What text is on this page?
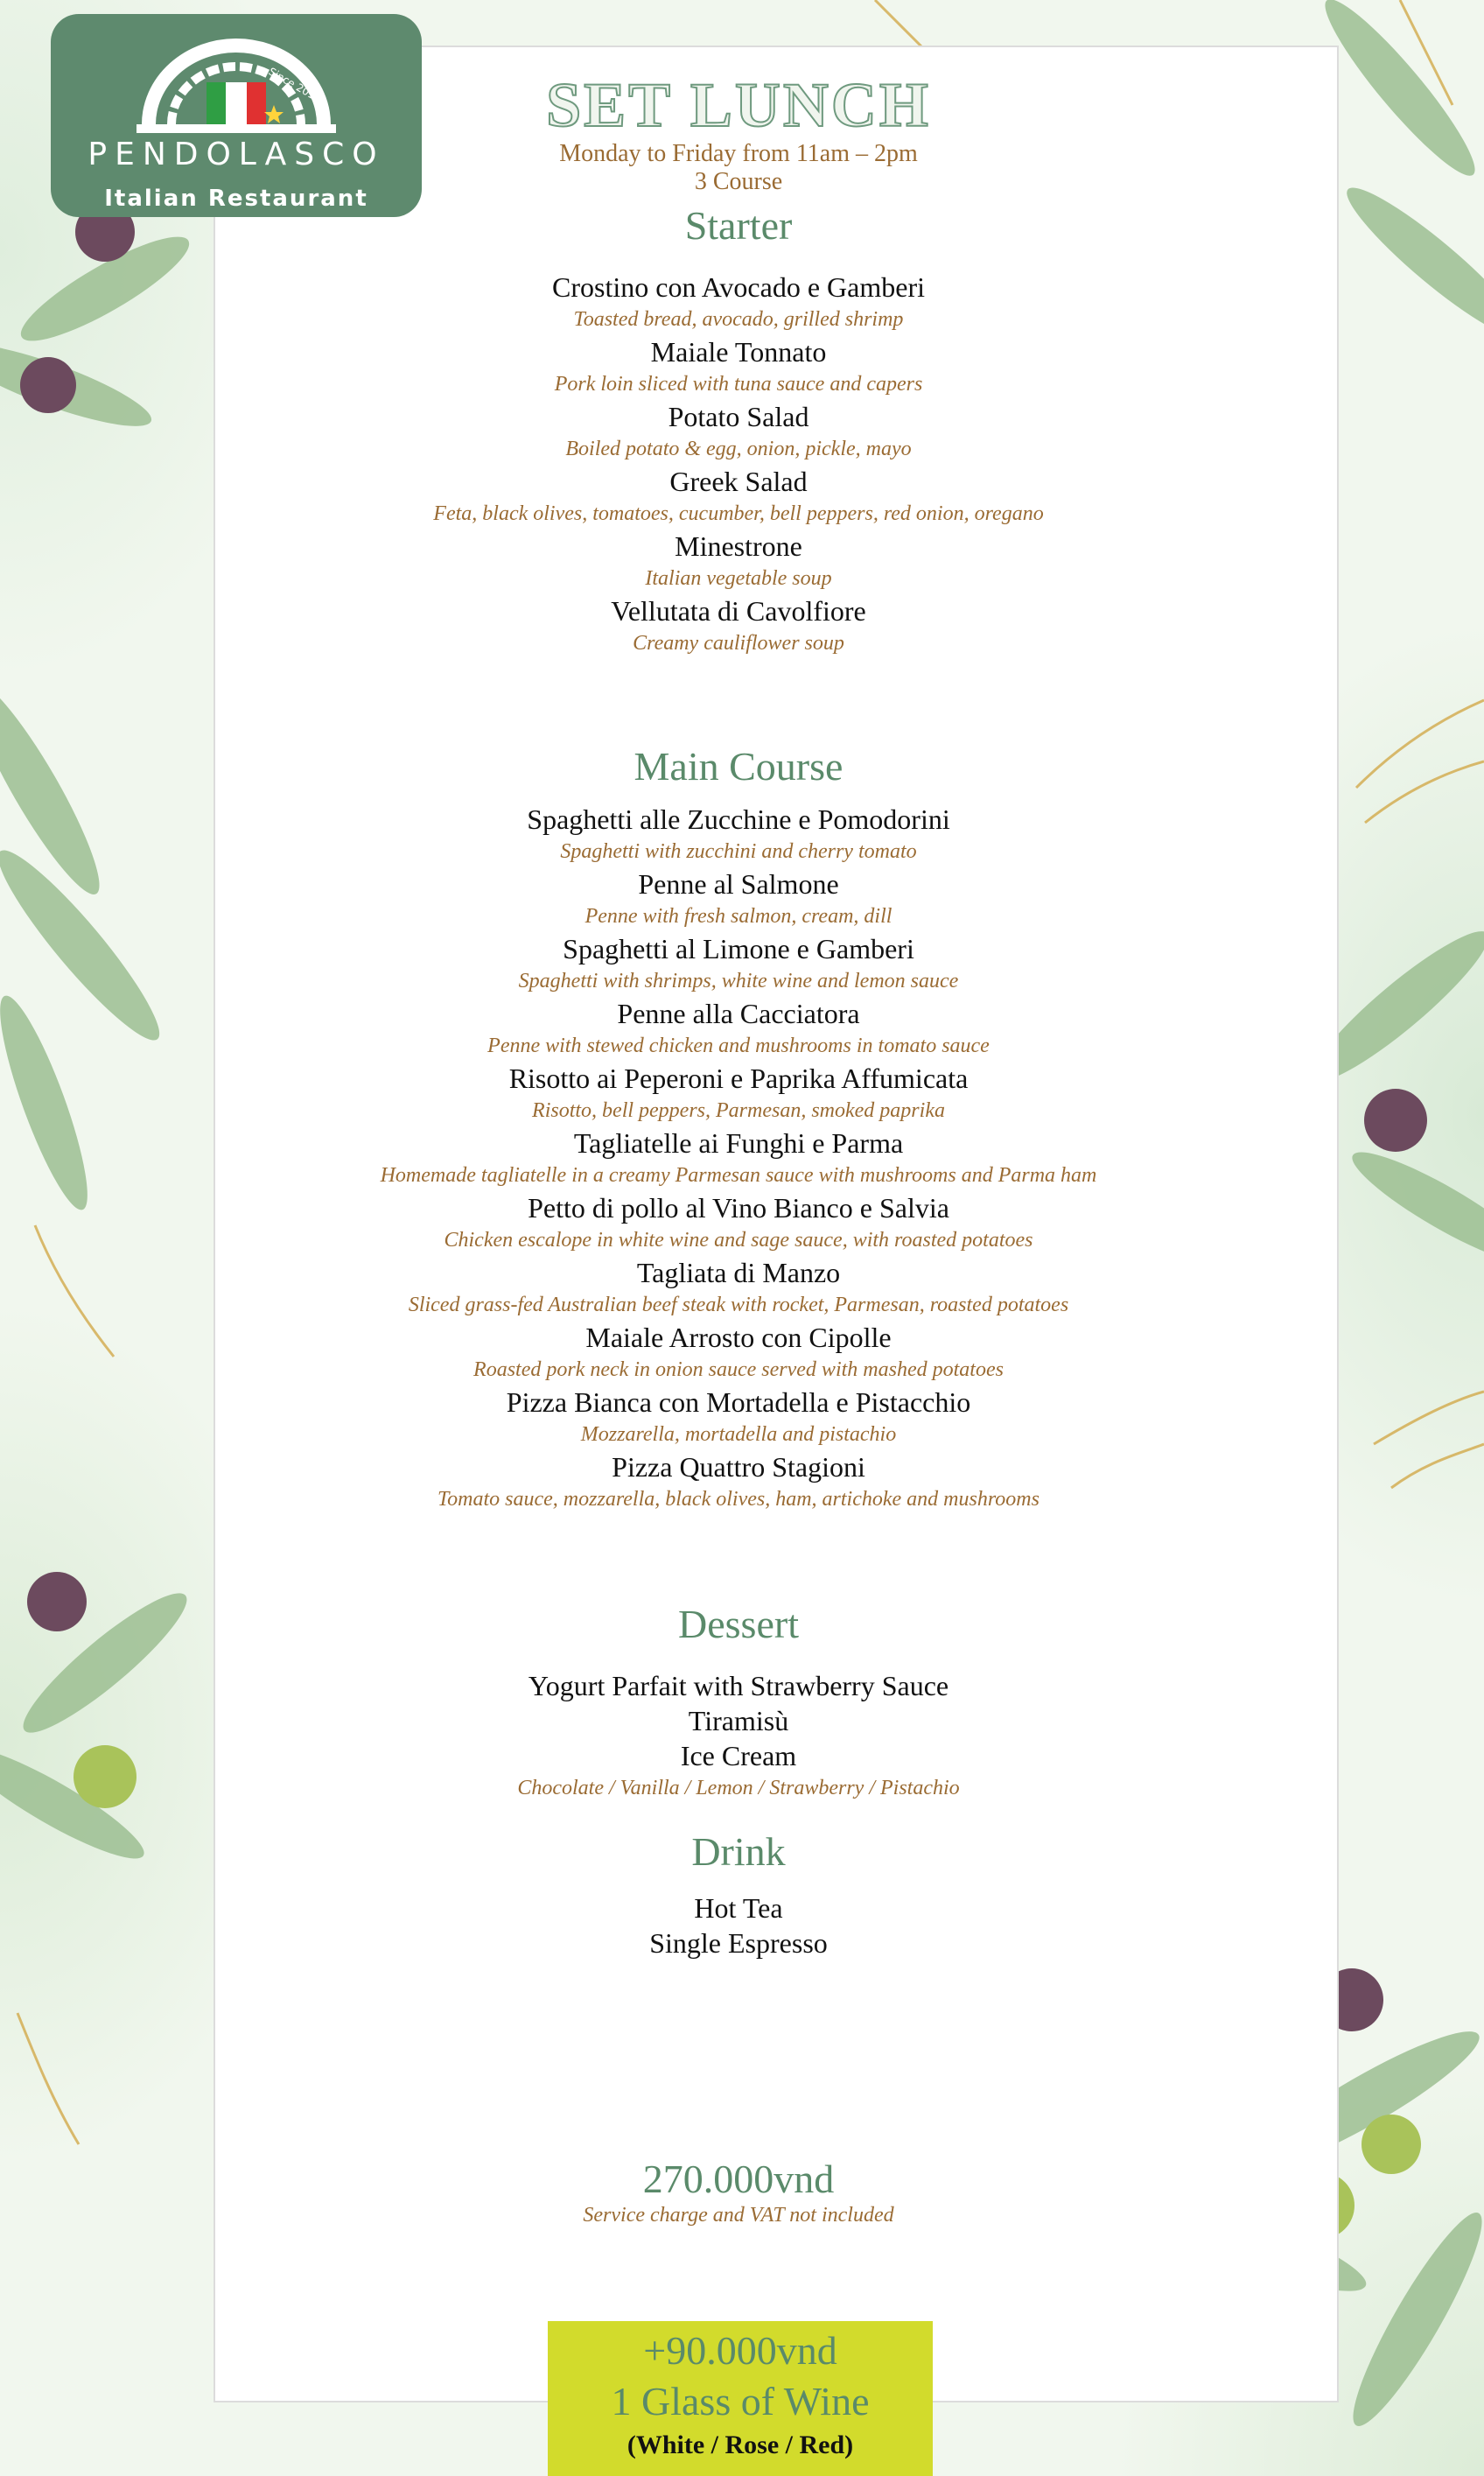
Since 2016
PENDOLASCO
Italian Restaurant
SET LUNCH
Monday to Friday from 11am – 2pm
3 Course
Starter
Crostino con Avocado e Gamberi
Toasted bread, avocado, grilled shrimp
Maiale Tonnato
Pork loin sliced with tuna sauce and capers
Potato Salad
Boiled potato & egg, onion, pickle, mayo
Greek Salad
Feta, black olives, tomatoes, cucumber, bell peppers, red onion, oregano
Minestrone
Italian vegetable soup
Vellutata di Cavolfiore
Creamy cauliflower soup
Main Course
Spaghetti alle Zucchine e Pomodorini
Spaghetti with zucchini and cherry tomato
Penne al Salmone
Penne with fresh salmon, cream, dill
Spaghetti al Limone e Gamberi
Spaghetti with shrimps, white wine and lemon sauce
Penne alla Cacciatora
Penne with stewed chicken and mushrooms in tomato sauce
Risotto ai Peperoni e Paprika Affumicata
Risotto, bell peppers, Parmesan, smoked paprika
Tagliatelle ai Funghi e Parma
Homemade tagliatelle in a creamy Parmesan sauce with mushrooms and Parma ham
Petto di pollo al Vino Bianco e Salvia
Chicken escalope in white wine and sage sauce, with roasted potatoes
Tagliata di Manzo
Sliced grass-fed Australian beef steak with rocket, Parmesan, roasted potatoes
Maiale Arrosto con Cipolle
Roasted pork neck in onion sauce served with mashed potatoes
Pizza Bianca con Mortadella e Pistacchio
Mozzarella, mortadella and pistachio
Pizza Quattro Stagioni
Tomato sauce, mozzarella, black olives, ham, artichoke and mushrooms
Dessert
Yogurt Parfait with Strawberry Sauce
Tiramisù
Ice Cream
Chocolate / Vanilla / Lemon / Strawberry / Pistachio
Drink
Hot Tea
Single Espresso
270.000vnd
Service charge and VAT not included
+90.000vnd
1 Glass of Wine
(White / Rose / Red)
